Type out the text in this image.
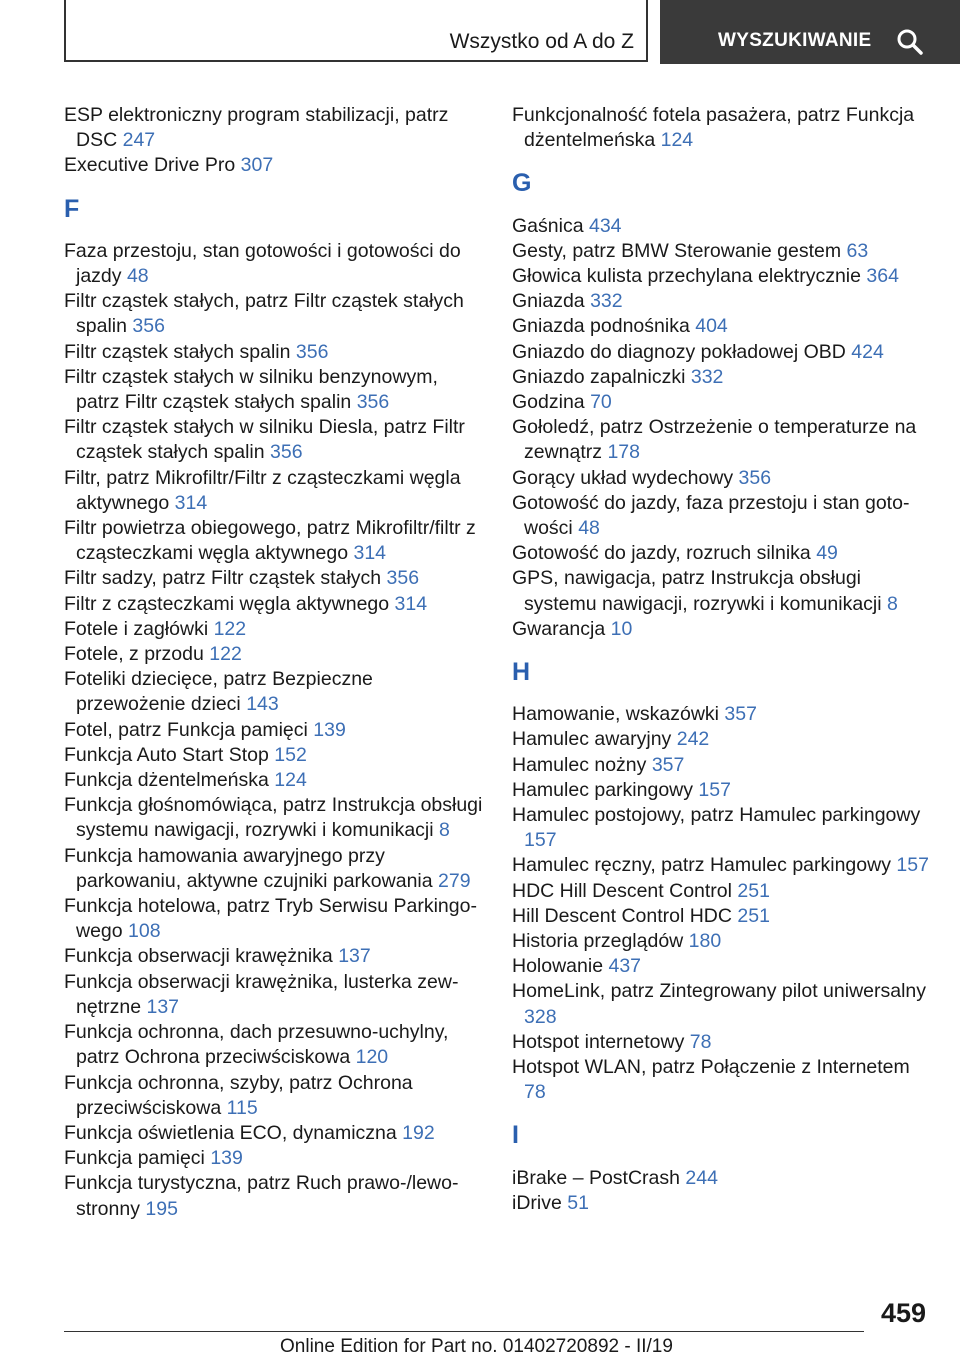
Wszystko od A do Z	WYSZUKIWANIE
ESP elektroniczny program stabilizacji, patrz DSC 247
Executive Drive Pro 307
F
Faza przestoju, stan gotowości i gotowości do jazdy 48
Filtr cząstek stałych, patrz Filtr cząstek stałych spalin 356
Filtr cząstek stałych spalin 356
Filtr cząstek stałych w silniku benzynowym, patrz Filtr cząstek stałych spalin 356
Filtr cząstek stałych w silniku Diesla, patrz Filtr cząstek stałych spalin 356
Filtr, patrz Mikrofiltr/Filtr z cząsteczkami węgla aktywnego 314
Filtr powietrza obiegowego, patrz Mikrofiltr/filtr z cząsteczkami węgla aktywnego 314
Filtr sadzy, patrz Filtr cząstek stałych 356
Filtr z cząsteczkami węgla aktywnego 314
Fotele i zagłówki 122
Fotele, z przodu 122
Foteliki dziecięce, patrz Bezpieczne przewożenie dzieci 143
Fotel, patrz Funkcja pamięci 139
Funkcja Auto Start Stop 152
Funkcja dżentelmeńska 124
Funkcja głośnomówiąca, patrz Instrukcja obsługi systemu nawigacji, rozrywki i komunikacji 8
Funkcja hamowania awaryjnego przy parkowaniu, aktywne czujniki parkowania 279
Funkcja hotelowa, patrz Tryb Serwisu Parkingowego 108
Funkcja obserwacji krawężnika 137
Funkcja obserwacji krawężnika, lusterka zewnętrzne 137
Funkcja ochronna, dach przesuwno-uchylny, patrz Ochrona przeciwściskowa 120
Funkcja ochronna, szyby, patrz Ochrona przeciwściskowa 115
Funkcja oświetlenia ECO, dynamiczna 192
Funkcja pamięci 139
Funkcja turystyczna, patrz Ruch prawo-/lewostronny 195
Funkcjonalność fotela pasażera, patrz Funkcja dżentelmeńska 124
G
Gaśnica 434
Gesty, patrz BMW Sterowanie gestem 63
Głowica kulista przechylana elektrycznie 364
Gniazda 332
Gniazda podnośnika 404
Gniazdo do diagnozy pokładowej OBD 424
Gniazdo zapalniczki 332
Godzina 70
Gołoledź, patrz Ostrzeżenie o temperaturze na zewnątrz 178
Gorący układ wydechowy 356
Gotowość do jazdy, faza przestoju i stan gotowości 48
Gotowość do jazdy, rozruch silnika 49
GPS, nawigacja, patrz Instrukcja obsługi systemu nawigacji, rozrywki i komunikacji 8
Gwarancja 10
H
Hamowanie, wskazówki 357
Hamulec awaryjny 242
Hamulec nożny 357
Hamulec parkingowy 157
Hamulec postojowy, patrz Hamulec parkingowy 157
Hamulec ręczny, patrz Hamulec parkingowy 157
HDC Hill Descent Control 251
Hill Descent Control HDC 251
Historia przeglądów 180
Holowanie 437
HomeLink, patrz Zintegrowany pilot uniwersalny 328
Hotspot internetowy 78
Hotspot WLAN, patrz Połączenie z Internetem 78
I
iBrake – PostCrash 244
iDrive 51
459
Online Edition for Part no. 01402720892 - II/19
